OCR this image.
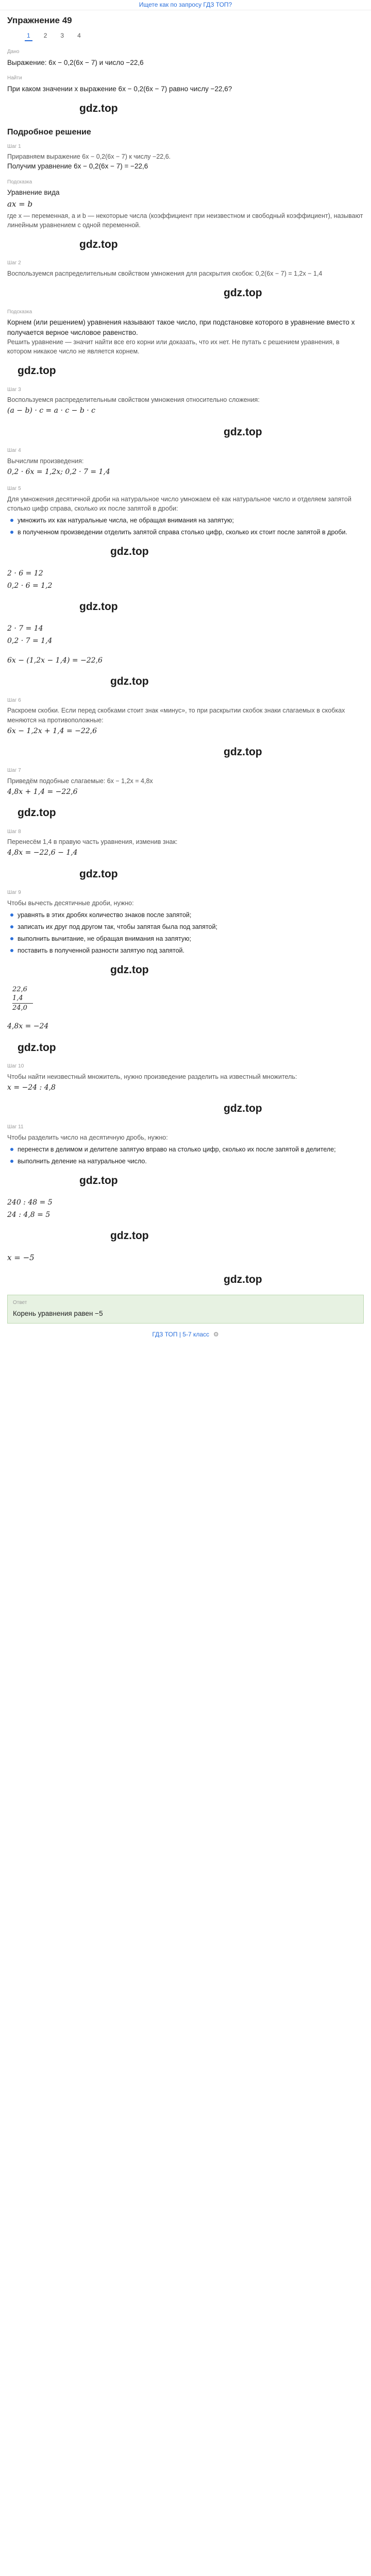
Ищете как по запросу ГДЗ ТОП?
Упражнение 49
1	2	3	4
Дано

Выражение: 6x − 0,2(6x − 7) и число −22,6

Найти

При каком значении x выражение 6x − 0,2(6x − 7) равно числу −22,6?

gdz.top
Подробное решение
Шаг 1

Приравняем выражение 6x − 0,2(6x − 7) к числу −22,6.

Получим уравнение 6x − 0,2(6x − 7) = −22,6

Подсказка

Уравнение вида

ax = b

где x — переменная, a и b — некоторые числа (коэффициент при неизвестном и свободный коэффициент), называют линейным уравнением с одной переменной.

gdz.top
Шаг 2

Воспользуемся распределительным свойством умножения для раскрытия скобок: 0,2(6x − 7) = 1,2x − 1,4

gdz.top
Подсказка

Корнем (или решением) уравнения называют такое число, при подстановке которого в уравнение вместо x получается верное числовое равенство.

Решить уравнение — значит найти все его корни или доказать, что их нет. Не путать с решением уравнения, в котором никакое число не является корнем.

gdz.top
Шаг 3

Воспользуемся распределительным свойством умножения относительно сложения:

(a − b) · c = a · c − b · c
gdz.top
Шаг 4

Вычислим произведения:

0,2 · 6x = 1,2x; 0,2 · 7 = 1,4
Шаг 5

Для умножения десятичной дроби на натуральное число умножаем её как натуральное число и отделяем запятой столько цифр справа, сколько их после запятой в дроби:

умножить их как натуральные числа, не обращая внимания на запятую;
в полученном произведении отделить запятой справа столько цифр, сколько их стоит после запятой в дроби.
gdz.top
2 · 6 = 12
0,2 · 6 = 1,2
gdz.top
2 · 7 = 14
0,2 · 7 = 1,4
6x − (1,2x − 1,4) = −22,6
gdz.top
Шаг 6

Раскроем скобки. Если перед скобками стоит знак «минус», то при раскрытии скобок знаки слагаемых в скобках меняются на противоположные:

6x − 1,2x + 1,4 = −22,6
gdz.top
Шаг 7

Приведём подобные слагаемые: 6x − 1,2x = 4,8x

4,8x + 1,4 = −22,6
gdz.top
Шаг 8

Перенесём 1,4 в правую часть уравнения, изменив знак:

4,8x = −22,6 − 1,4
gdz.top
Шаг 9

Чтобы вычесть десятичные дроби, нужно:

уравнять в этих дробях количество знаков после запятой;
записать их друг под другом так, чтобы запятая была под запятой;
выполнить вычитание, не обращая внимания на запятую;
поставить в полученной разности запятую под запятой.
gdz.top
22,6
1,4
24,0
4,8x = −24
gdz.top
Шаг 10

Чтобы найти неизвестный множитель, нужно произведение разделить на известный множитель:

x = −24 : 4,8
gdz.top
Шаг 11

Чтобы разделить число на десятичную дробь, нужно:

перенести в делимом и делителе запятую вправо на столько цифр, сколько их после запятой в делителе;
выполнить деление на натуральное число.
gdz.top
240 : 48 = 5
24 : 4,8 = 5
gdz.top
x = −5
gdz.top
Ответ
Корень уравнения равен −5
ГДЗ ТОП | 5-7 класс ⚙
